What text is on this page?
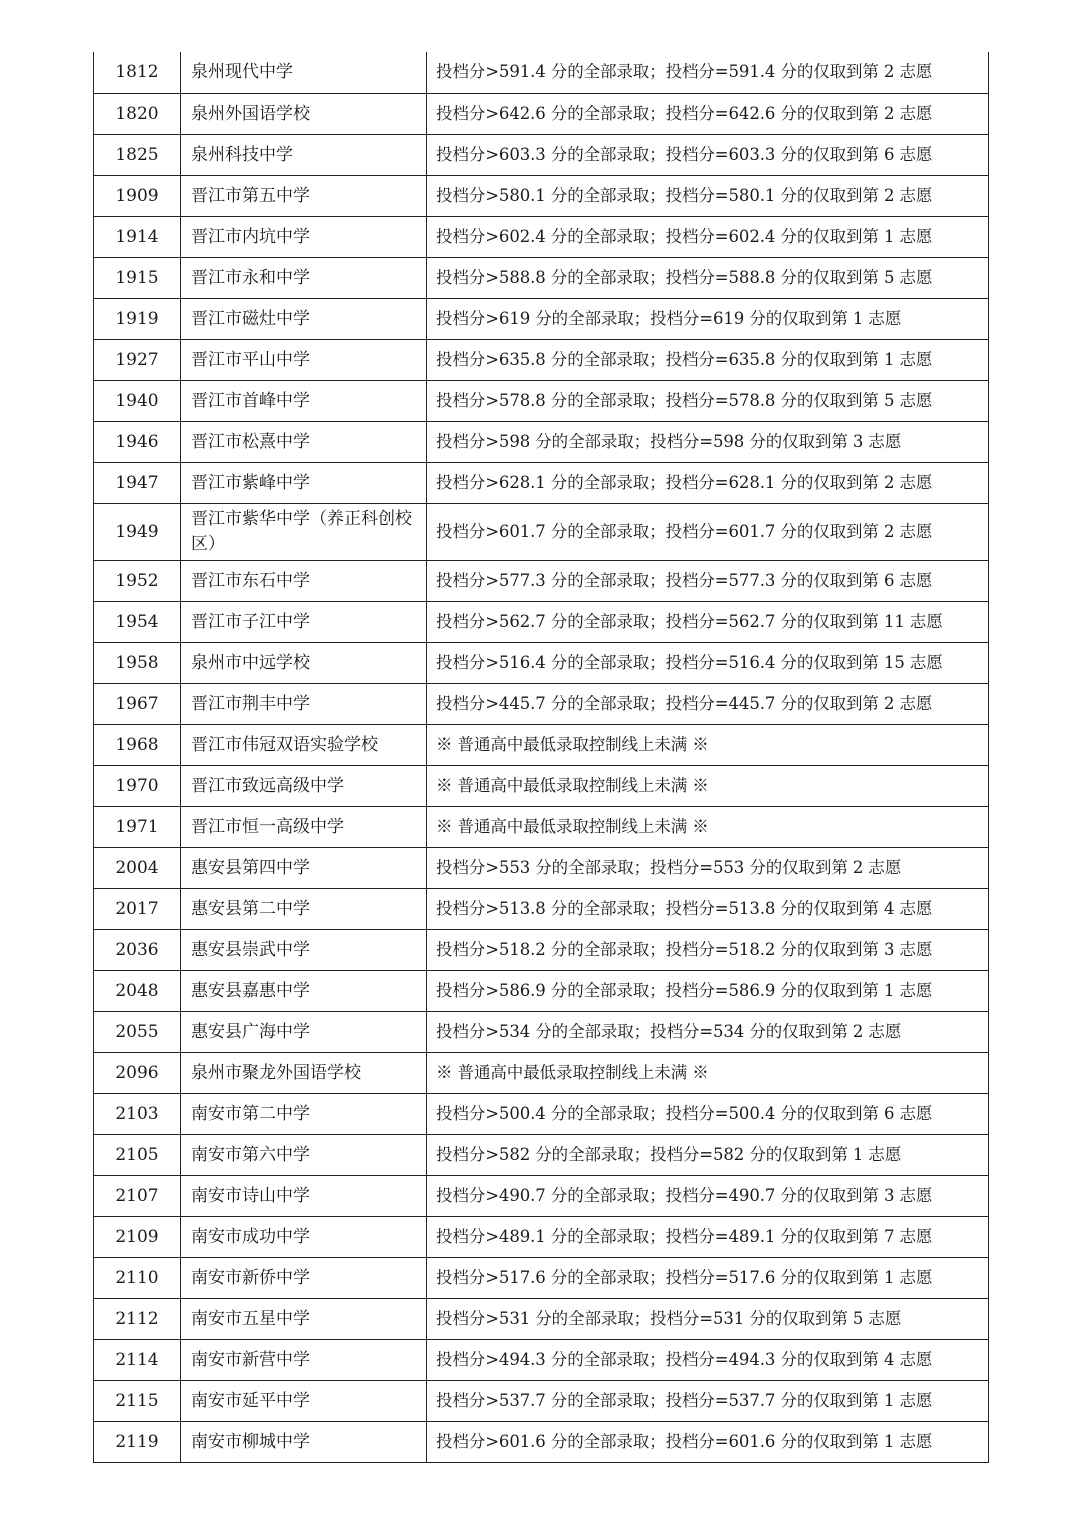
1812	泉州现代中学	投档分>591.4 分的全部录取；投档分=591.4 分的仅取到第 2 志愿
1820	泉州外国语学校	投档分>642.6 分的全部录取；投档分=642.6 分的仅取到第 2 志愿
1825	泉州科技中学	投档分>603.3 分的全部录取；投档分=603.3 分的仅取到第 6 志愿
1909	晋江市第五中学	投档分>580.1 分的全部录取；投档分=580.1 分的仅取到第 2 志愿
1914	晋江市内坑中学	投档分>602.4 分的全部录取；投档分=602.4 分的仅取到第 1 志愿
1915	晋江市永和中学	投档分>588.8 分的全部录取；投档分=588.8 分的仅取到第 5 志愿
1919	晋江市磁灶中学	投档分>619 分的全部录取；投档分=619 分的仅取到第 1 志愿
1927	晋江市平山中学	投档分>635.8 分的全部录取；投档分=635.8 分的仅取到第 1 志愿
1940	晋江市首峰中学	投档分>578.8 分的全部录取；投档分=578.8 分的仅取到第 5 志愿
1946	晋江市松熹中学	投档分>598 分的全部录取；投档分=598 分的仅取到第 3 志愿
1947	晋江市紫峰中学	投档分>628.1 分的全部录取；投档分=628.1 分的仅取到第 2 志愿
1949	晋江市紫华中学（养正科创校区）	投档分>601.7 分的全部录取；投档分=601.7 分的仅取到第 2 志愿
1952	晋江市东石中学	投档分>577.3 分的全部录取；投档分=577.3 分的仅取到第 6 志愿
1954	晋江市子江中学	投档分>562.7 分的全部录取；投档分=562.7 分的仅取到第 11 志愿
1958	泉州市中远学校	投档分>516.4 分的全部录取；投档分=516.4 分的仅取到第 15 志愿
1967	晋江市荆丰中学	投档分>445.7 分的全部录取；投档分=445.7 分的仅取到第 2 志愿
1968	晋江市伟冠双语实验学校	※ 普通高中最低录取控制线上未满 ※
1970	晋江市致远高级中学	※ 普通高中最低录取控制线上未满 ※
1971	晋江市恒一高级中学	※ 普通高中最低录取控制线上未满 ※
2004	惠安县第四中学	投档分>553 分的全部录取；投档分=553 分的仅取到第 2 志愿
2017	惠安县第二中学	投档分>513.8 分的全部录取；投档分=513.8 分的仅取到第 4 志愿
2036	惠安县崇武中学	投档分>518.2 分的全部录取；投档分=518.2 分的仅取到第 3 志愿
2048	惠安县嘉惠中学	投档分>586.9 分的全部录取；投档分=586.9 分的仅取到第 1 志愿
2055	惠安县广海中学	投档分>534 分的全部录取；投档分=534 分的仅取到第 2 志愿
2096	泉州市聚龙外国语学校	※ 普通高中最低录取控制线上未满 ※
2103	南安市第二中学	投档分>500.4 分的全部录取；投档分=500.4 分的仅取到第 6 志愿
2105	南安市第六中学	投档分>582 分的全部录取；投档分=582 分的仅取到第 1 志愿
2107	南安市诗山中学	投档分>490.7 分的全部录取；投档分=490.7 分的仅取到第 3 志愿
2109	南安市成功中学	投档分>489.1 分的全部录取；投档分=489.1 分的仅取到第 7 志愿
2110	南安市新侨中学	投档分>517.6 分的全部录取；投档分=517.6 分的仅取到第 1 志愿
2112	南安市五星中学	投档分>531 分的全部录取；投档分=531 分的仅取到第 5 志愿
2114	南安市新营中学	投档分>494.3 分的全部录取；投档分=494.3 分的仅取到第 4 志愿
2115	南安市延平中学	投档分>537.7 分的全部录取；投档分=537.7 分的仅取到第 1 志愿
2119	南安市柳城中学	投档分>601.6 分的全部录取；投档分=601.6 分的仅取到第 1 志愿
